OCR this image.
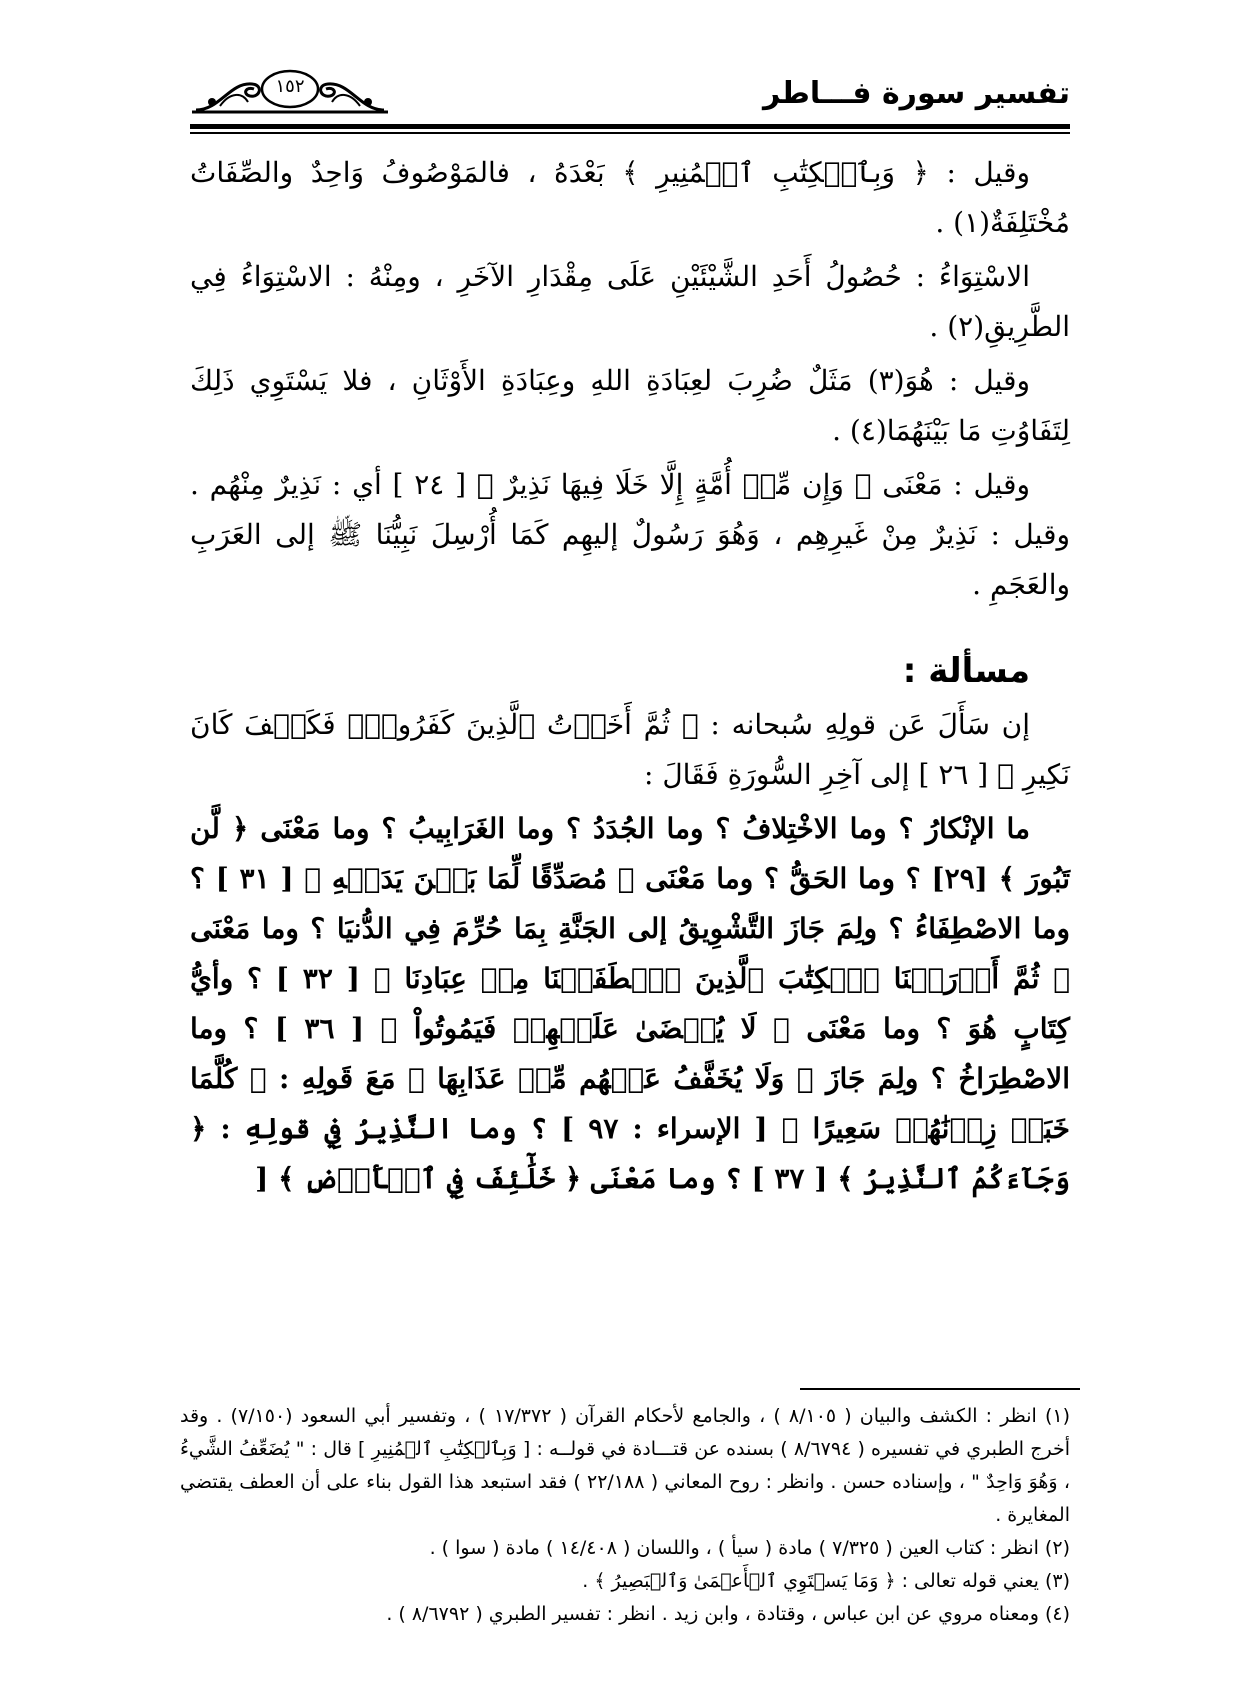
تفسير سورة فـــاطر
١٥٢

وقيل : ﴿ وَبِٱلۡكِتَٰبِ ٱلۡمُنِيرِ ﴾ بَعْدَهُ ، فالمَوْصُوفُ وَاحِدٌ والصِّفَاتُ مُخْتَلِفَةٌ(١) .

الاسْتِوَاءُ : حُصُولُ أَحَدِ الشَّيْئَيْنِ عَلَى مِقْدَارِ الآخَرِ ، ومِنْهُ : الاسْتِوَاءُ فِي الطَّرِيقِ(٢) .

وقيل : هُوَ(٣) مَثَلٌ ضُرِبَ لعِبَادَةِ اللهِ وعِبَادَةِ الأَوْثَانِ ، فلا يَسْتَوِي ذَلِكَ لِتَفَاوُتِ مَا بَيْنَهُمَا(٤) .

وقيل : مَعْنَى ﴿ وَإِن مِّنۡ أُمَّةٍ إِلَّا خَلَا فِيهَا نَذِيرٌ ﴾ [ ٢٤ ] أي : نَذِيرٌ مِنْهُم . وقيل : نَذِيرٌ مِنْ غَيرِهِم ، وَهُوَ رَسُولٌ إليهِم كَمَا أُرْسِلَ نَبِيُّنَا ﷺ إلى العَرَبِ والعَجَمِ .

مسألة :

إن سَأَلَ عَن قولِهِ سُبحانه : ﴿ ثُمَّ أَخَذۡتُ ٱلَّذِينَ كَفَرُواْۖ فَكَيۡفَ كَانَ نَكِيرِ ﴾ [ ٢٦ ] إلى آخِرِ السُّورَةِ فَقَالَ :

ما الإنْكارُ ؟ وما الاخْتِلافُ ؟ وما الجُدَدُ ؟ وما الغَرَابِيبُ ؟ وما مَعْنَى ﴿ لَّن تَبُورَ ﴾ [٢٩] ؟ وما الحَقُّ ؟ وما مَعْنَى ﴿ مُصَدِّقًا لِّمَا بَيۡنَ يَدَيۡهِ ﴾ [ ٣١ ] ؟ وما الاصْطِفَاءُ ؟ ولِمَ جَازَ التَّشْوِيقُ إلى الجَنَّةِ بِمَا حُرِّمَ فِي الدُّنيَا ؟ وما مَعْنَى ﴿ ثُمَّ أَوۡرَثۡنَا ٱلۡكِتَٰبَ ٱلَّذِينَ ٱصۡطَفَيۡنَا مِنۡ عِبَادِنَا ﴾ [ ٣٢ ] ؟ وأيُّ كِتَابٍ هُوَ ؟ وما مَعْنَى ﴿ لَا يُقۡضَىٰ عَلَيۡهِمۡ فَيَمُوتُواْ ﴾ [ ٣٦ ] ؟ وما الاصْطِرَاخُ ؟ ولِمَ جَازَ ﴿ وَلَا يُخَفَّفُ عَنۡهُم مِّنۡ عَذَابِهَا ﴾ مَعَ قَولِهِ : ﴿ كُلَّمَا خَبَتۡ زِدۡنَٰهُمۡ سَعِيرًا ﴾ [ الإسراء : ٩٧ ] ؟ وما النَّذِيرُ فِي قولِهِ : ﴿ وَجَآءَكُمُ ٱلنَّذِيرُ ﴾ [ ٣٧ ] ؟ وما مَعْنَى ﴿ خَلَٰٓئِفَ فِي ٱلۡأَرۡضِ ﴾ [

(١) انظر : الكشف والبيان ( ٨/١٠٥ ) ، والجامع لأحكام القرآن ( ١٧/٣٧٢ ) ، وتفسير أبي السعود (٧/١٥٠) . وقد أخرج الطبري في تفسيره ( ٨/٦٧٩٤ ) بسنده عن قتـــادة في قولــه : [ وَبِٱلۡكِتَٰبِ ٱلۡمُنِيرِ ] قال : " يُضَعِّفُ الشَّيءُ ، وَهُوَ وَاحِدٌ " ، وإسناده حسن . وانظر : روح المعاني ( ٢٢/١٨٨ ) فقد استبعد هذا القول بناء على أن العطف يقتضي المغايرة .

(٢) انظر : كتاب العين ( ٧/٣٢٥ ) مادة ( سيأ ) ، واللسان ( ١٤/٤٠٨ ) مادة ( سوا ) .

(٣) يعني قوله تعالى : ﴿ وَمَا يَسۡتَوِي ٱلۡأَعۡمَىٰ وَٱلۡبَصِيرُ ﴾ .

(٤) ومعناه مروي عن ابن عباس ، وقتادة ، وابن زيد . انظر : تفسير الطبري ( ٨/٦٧٩٢ ) .
